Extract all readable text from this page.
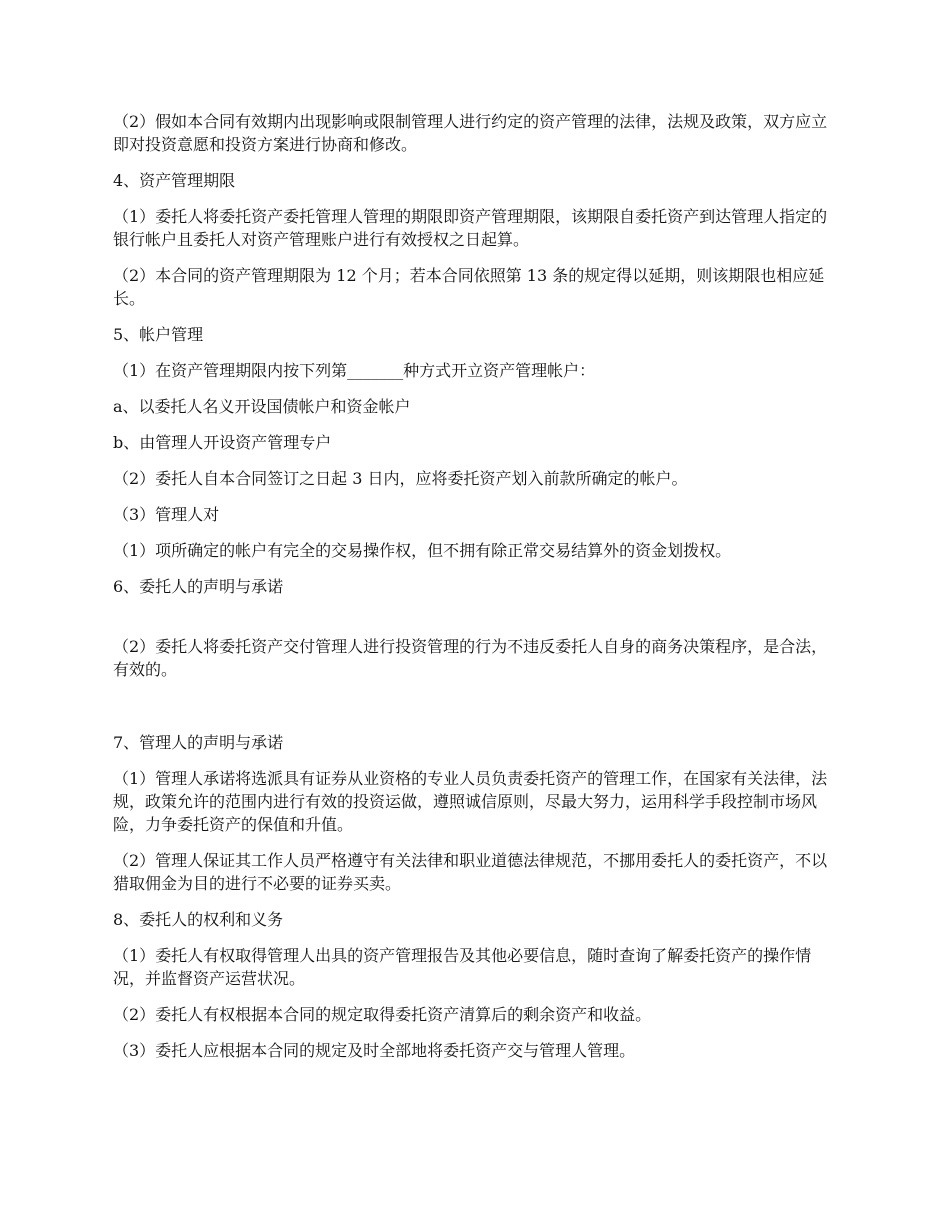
（2）假如本合同有效期内出现影响或限制管理人进行约定的资产管理的法律，法规及政策，双方应立即对投资意愿和投资方案进行协商和修改。

4、资产管理期限

（1）委托人将委托资产委托管理人管理的期限即资产管理期限，该期限自委托资产到达管理人指定的银行帐户且委托人对资产管理账户进行有效授权之日起算。

（2）本合同的资产管理期限为 12 个月；若本合同依照第 13 条的规定得以延期，则该期限也相应延长。

5、帐户管理

（1）在资产管理期限内按下列第_______种方式开立资产管理帐户：

a、以委托人名义开设国债帐户和资金帐户

b、由管理人开设资产管理专户

（2）委托人自本合同签订之日起 3 日内，应将委托资产划入前款所确定的帐户。

（3）管理人对

（1）项所确定的帐户有完全的交易操作权，但不拥有除正常交易结算外的资金划拨权。

6、委托人的声明与承诺

（2）委托人将委托资产交付管理人进行投资管理的行为不违反委托人自身的商务决策程序，是合法，有效的。

7、管理人的声明与承诺

（1）管理人承诺将选派具有证券从业资格的专业人员负责委托资产的管理工作，在国家有关法律，法规，政策允许的范围内进行有效的投资运做，遵照诚信原则，尽最大努力，运用科学手段控制市场风险，力争委托资产的保值和升值。

（2）管理人保证其工作人员严格遵守有关法律和职业道德法律规范，不挪用委托人的委托资产，不以猎取佣金为目的进行不必要的证券买卖。

8、委托人的权利和义务

（1）委托人有权取得管理人出具的资产管理报告及其他必要信息，随时查询了解委托资产的操作情况，并监督资产运营状况。

（2）委托人有权根据本合同的规定取得委托资产清算后的剩余资产和收益。

（3）委托人应根据本合同的规定及时全部地将委托资产交与管理人管理。
